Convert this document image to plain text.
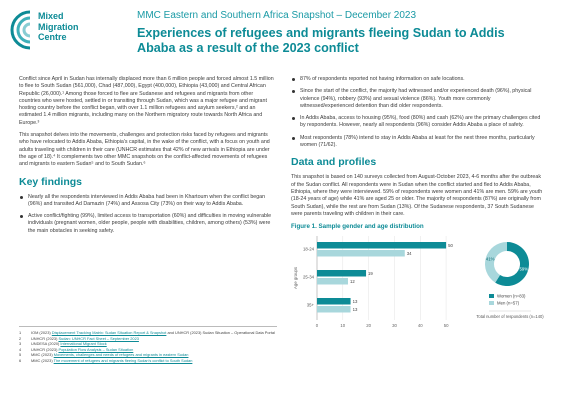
Mixed
Migration
Centre
MMC Eastern and Southern Africa Snapshot – December 2023
Experiences of refugees and migrants fleeing Sudan to Addis Ababa as a result of the 2023 conflict

Conflict since April in Sudan has internally displaced more than 6 million people and forced almost 1.5 million to flee to South Sudan (561,000), Chad (487,000), Egypt (400,000), Ethiopia (43,000) and Central African Republic (26,000).¹ Among those forced to flee are Sudanese and refugees and migrants from other countries who were hosted, settled in or transiting through Sudan, which was a major refugee and migrant hosting country before the conflict began, with over 1.1 million refugees and asylum seekers,² and an estimated 1.4 million migrants, including many on the Northern migratory route towards North Africa and Europe.³

This snapshot delves into the movements, challenges and protection risks faced by refugees and migrants who have relocated to Addis Ababa, Ethiopia's capital, in the wake of the conflict, with a focus on youth and adults traveling with children in their care (UNHCR estimates that 42% of new arrivals in Ethiopia are under the age of 18).⁴ It complements two other MMC snapshots on the conflict-affected movements of refugees and migrants to eastern Sudan⁵ and to South Sudan.⁶

Key findings
Nearly all the respondents interviewed in Addis Ababa had been in Khartoum when the conflict began (96%) and transited Ad Damazin (74%) and Assosa City (73%) on their way to Addis Ababa.
Active conflict/fighting (99%), limited access to transportation (60%) and difficulties in moving vulnerable individuals (pregnant women, older people, people with disabilities, children, among others) (53%) were the main obstacles in seeking safety.
1	IOM (2023) Displacement Tracking Matrix: Sudan Situation Report & Snapshot and UNHCR (2023) Sudan Situation – Operational Data Portal
2	UNHCR (2023) Sudan: UNHCR Fact Sheet – September 2023
3	UNDESA (2020) International Migrant Stock
4	UNHCR (2023) Population Flow Analysis – Sudan Situation
5	MMC (2023) Movements, challenges and needs of refugees and migrants in eastern Sudan
6	MMC (2023) The movement of refugees and migrants fleeing Sudan's conflict to South Sudan
87% of respondents reported not having information on safe locations.
Since the start of the conflict, the majority had witnessed and/or experienced death (96%), physical violence (94%), robbery (93%) and sexual violence (86%). Youth more commonly witnessed/experienced detention than did older respondents.
In Addis Ababa, access to housing (95%), food (80%) and cash (62%) are the primary challenges cited by respondents. However, nearly all respondents (96%) consider Addis Ababa a place of safety.
Most respondents (78%) intend to stay in Addis Ababa at least for the next three months, particularly women (71/62).
Data and profiles

This snapshot is based on 140 surveys collected from August-October 2023, 4-6 months after the outbreak of the Sudan conflict. All respondents were in Sudan when the conflict started and fled to Addis Ababa, Ethiopia, where they were interviewed. 59% of respondents were women and 41% are men. 59% are youth (18-24 years of age) while 41% are aged 25 or older. The majority of respondents (87%) are originally from South Sudan), while the rest are from Sudan (13%). Of the Sudanese respondents, 37 South Sudanese were parents traveling with children in their care.

Figure 1. Sample gender and age distribution
0	10	20	30	40	50
Age groups
18-24
50
34
25-34
19
12
35+
13
13
59%
41%
Women (n=83)
Men (n=57)
Total number of respondents (n=140)
